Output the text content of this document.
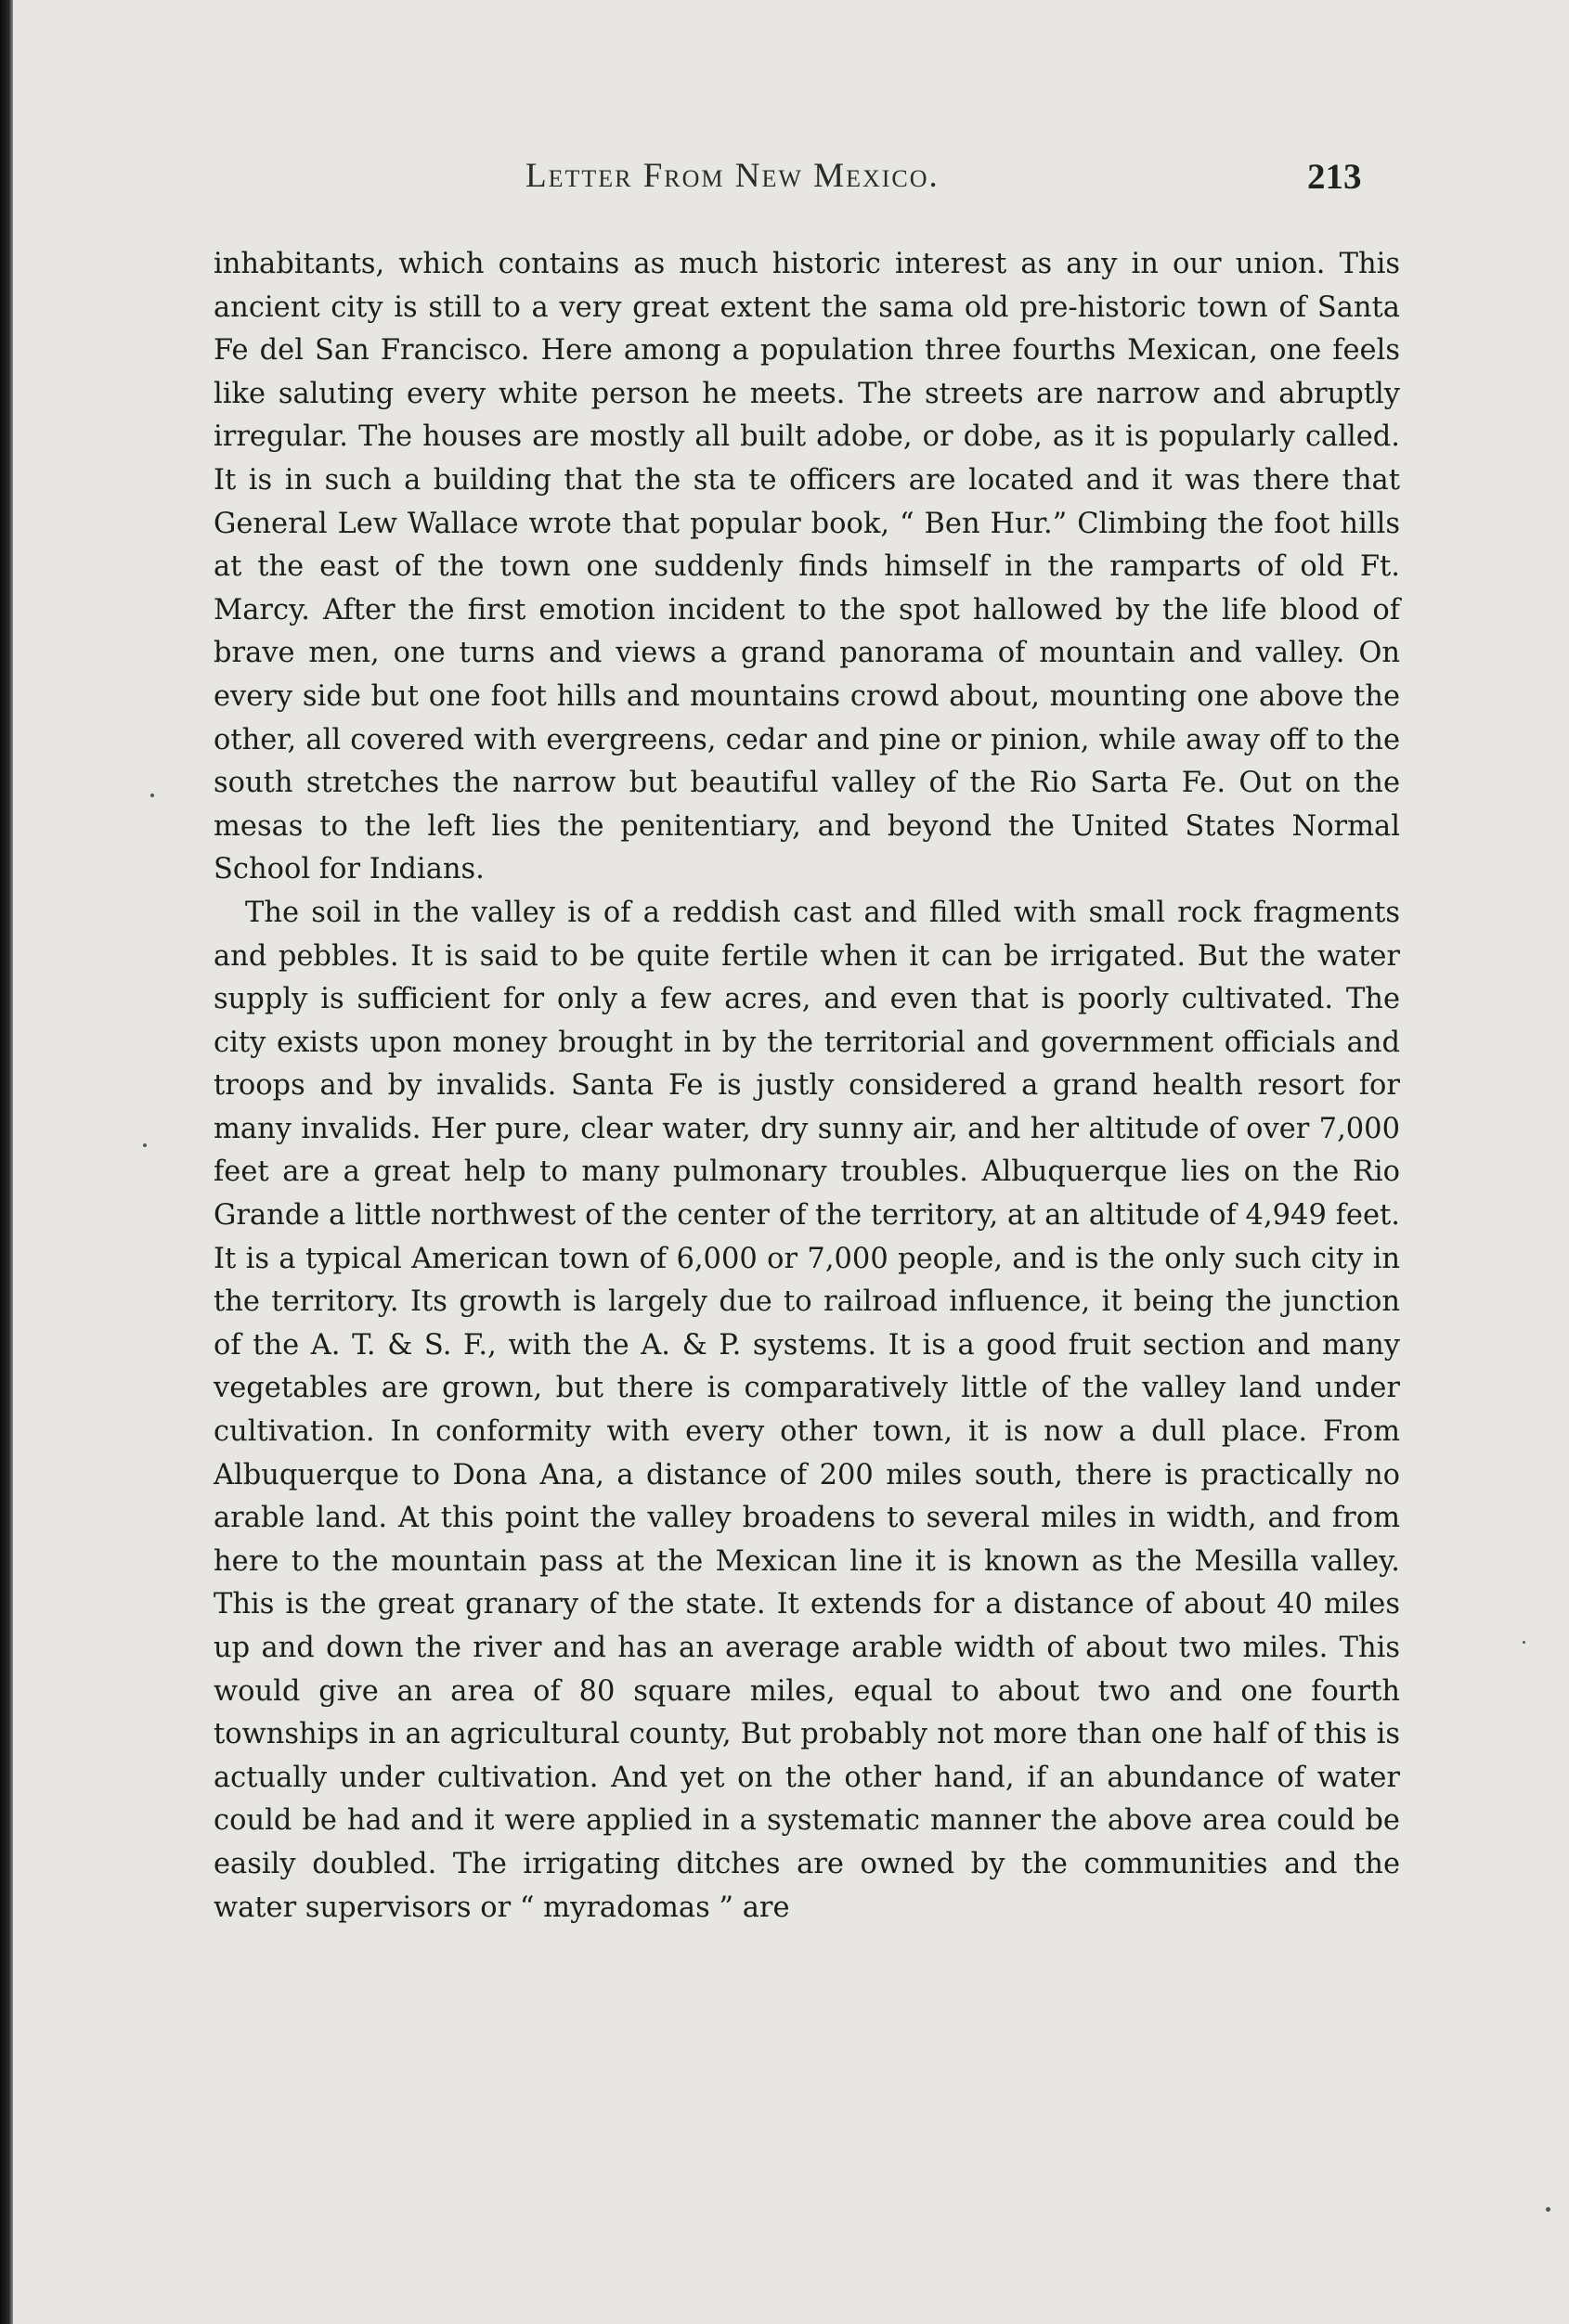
Letter From New Mexico.	213

inhabitants, which contains as much historic interest as any in our union. This ancient city is still to a very great extent the sama old pre-historic town of Santa Fe del San Francisco. Here among a population three fourths Mexican, one feels like saluting every white person he meets. The streets are narrow and abruptly irregular. The houses are mostly all built adobe, or dobe, as it is popularly called. It is in such a building that the sta te officers are located and it was there that General Lew Wallace wrote that popular book, “ Ben Hur.” Climbing the foot hills at the east of the town one suddenly finds himself in the ramparts of old Ft. Marcy. After the first emotion incident to the spot hallowed by the life blood of brave men, one turns and views a grand panorama of mountain and valley. On every side but one foot hills and mountains crowd about, mounting one above the other, all covered with evergreens, cedar and pine or pinion, while away off to the south stretches the narrow but beautiful valley of the Rio Sarta Fe. Out on the mesas to the left lies the penitentiary, and beyond the United States Normal School for Indians.

The soil in the valley is of a reddish cast and filled with small rock fragments and pebbles. It is said to be quite fertile when it can be irrigated. But the water supply is sufficient for only a few acres, and even that is poorly cultivated. The city exists upon money brought in by the territorial and government officials and troops and by invalids. Santa Fe is justly considered a grand health resort for many invalids. Her pure, clear water, dry sunny air, and her altitude of over 7,000 feet are a great help to many pulmonary troubles. Albuquerque lies on the Rio Grande a little northwest of the center of the territory, at an altitude of 4,949 feet. It is a typical American town of 6,000 or 7,000 people, and is the only such city in the territory. Its growth is largely due to railroad influence, it being the junction of the A. T. & S. F., with the A. & P. systems. It is a good fruit section and many vegetables are grown, but there is comparatively little of the valley land under cultivation. In conformity with every other town, it is now a dull place. From Albuquerque to Dona Ana, a distance of 200 miles south, there is practically no arable land. At this point the valley broadens to several miles in width, and from here to the mountain pass at the Mexican line it is known as the Mesilla valley. This is the great granary of the state. It extends for a distance of about 40 miles up and down the river and has an average arable width of about two miles. This would give an area of 80 square miles, equal to about two and one fourth townships in an agricultural county, But probably not more than one half of this is actually under cultivation. And yet on the other hand, if an abundance of water could be had and it were applied in a systematic manner the above area could be easily doubled. The irrigating ditches are owned by the communities and the water supervisors or “ myradomas ” are
